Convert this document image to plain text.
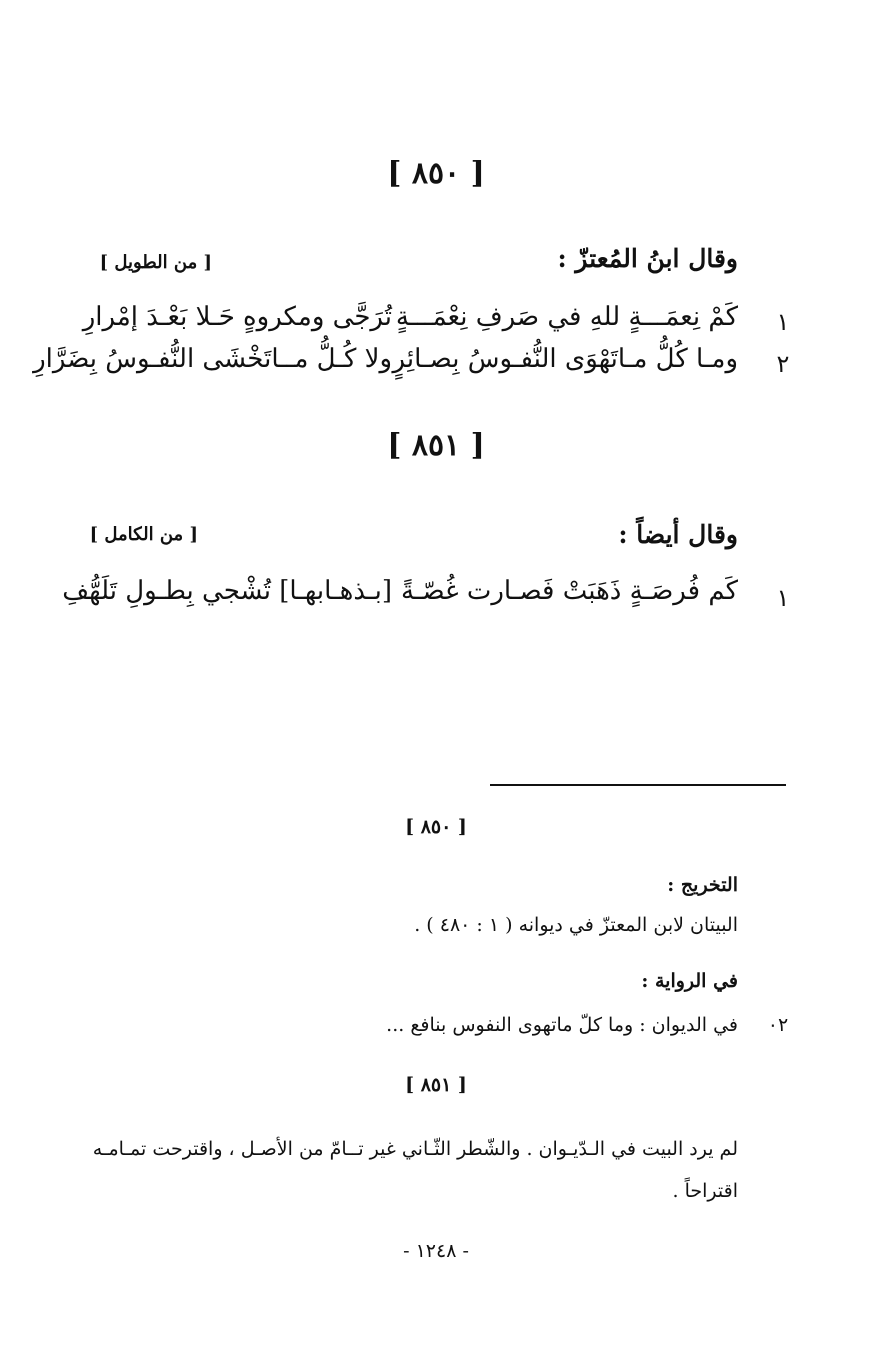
[ ٨٥٠ ]
وقال ابنُ المُعتزّ :
[ من الطويل ]
١
كَمْ نِعمَـــةٍ للهِ في صَرفِ نِعْمَـــةٍ
تُرَجَّى ومكروهٍ حَـلا بَعْـدَ إمْرارِ
٢
ومـا كُلُّ مـاتَهْوَى النُّفـوسُ بِصـائِرٍ
ولا كُـلُّ مــاتَخْشَى النُّفـوسُ بِضَرَّارِ
[ ٨٥١ ]
وقال أيضاً :
[ من الكامل ]
١
كَم فُرصَـةٍ ذَهَبَتْ فَصـارت غُصّـةً
[بـذهـابهـا] تُشْجي بِطـولِ تَلَهُّفِ
[ ٨٥٠ ]
التخريج :
البيتان لابن المعتزّ في ديوانه ( ١ : ٤٨٠ ) .
في الرواية :
٠٢
في الديوان : وما كلّ ماتهوى النفوس بنافع ...
[ ٨٥١ ]
لم يرد البيت في الـدّيـوان . والشّطر الثّـاني غير تــامّ من الأصـل ، واقترحت تمـامـه
اقتراحاً .
- ١٢٤٨ -
